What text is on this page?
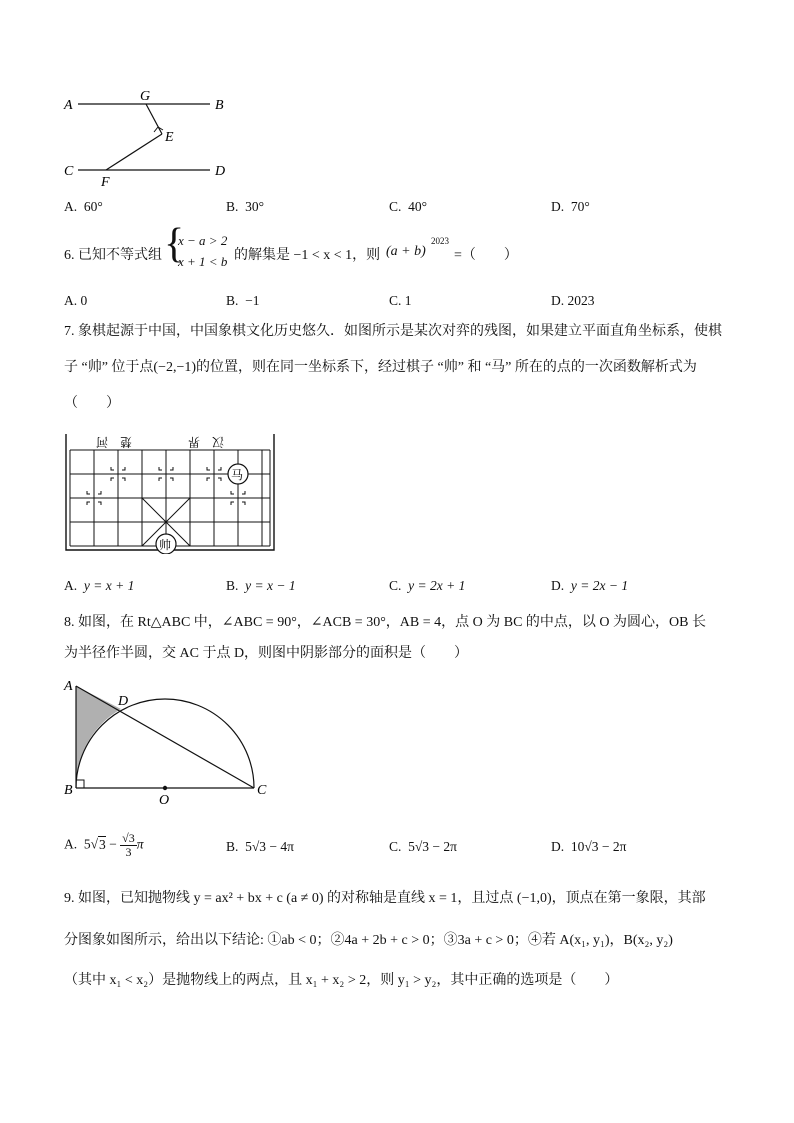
A
G
B
E
C
F
D
A. 60°	B. 30°	C. 40°	D. 70°
6. 已知不等式组 {
x − a > 2
x + 1 < b 的解集是 −1 < x < 1，则 (a + b)
2023
=（　　）
A. 0	B. −1	C. 1	D. 2023
7. 象棋起源于中国，中国象棋文化历史悠久．如图所示是某次对弈的残图，如果建立平面直角坐标系，使棋
子 “帅” 位于点(−2,−1)的位置，则在同一坐标系下，经过棋子 “帅” 和 “马” 所在的点的一次函数解析式为
（　　）
楚　河	汉　界
马
帅
A. y = x + 1	B. y = x − 1	C. y = 2x + 1	D. y = 2x − 1
8. 如图，在 Rt△ABC 中，∠ABC = 90°，∠ACB = 30°，AB = 4，点 O 为 BC 的中点，以 O 为圆心，OB 长
为半径作半圆，交 AC 于点 D，则图中阴影部分的面积是（　　）
A
D
B
O
C
A. $5√3 - \frac{√3}{3}$ π	B. 5√3 − 4π	C. 5√3 − 2π	D. 10√3 − 2π
9. 如图，已知抛物线 y = ax² + bx + c (a ≠ 0) 的对称轴是直线 x = 1，且过点 (−1,0)，顶点在第一象限，其部
分图象如图所示，给出以下结论: ①ab < 0；②4a + 2b + c > 0；③3a + c > 0；④若 A(x₁, y₁)，B(x₂, y₂)
（其中 x₁ < x₂）是抛物线上的两点，且 x₁ + x₂ > 2，则 y₁ > y₂，其中正确的选项是（　　）
